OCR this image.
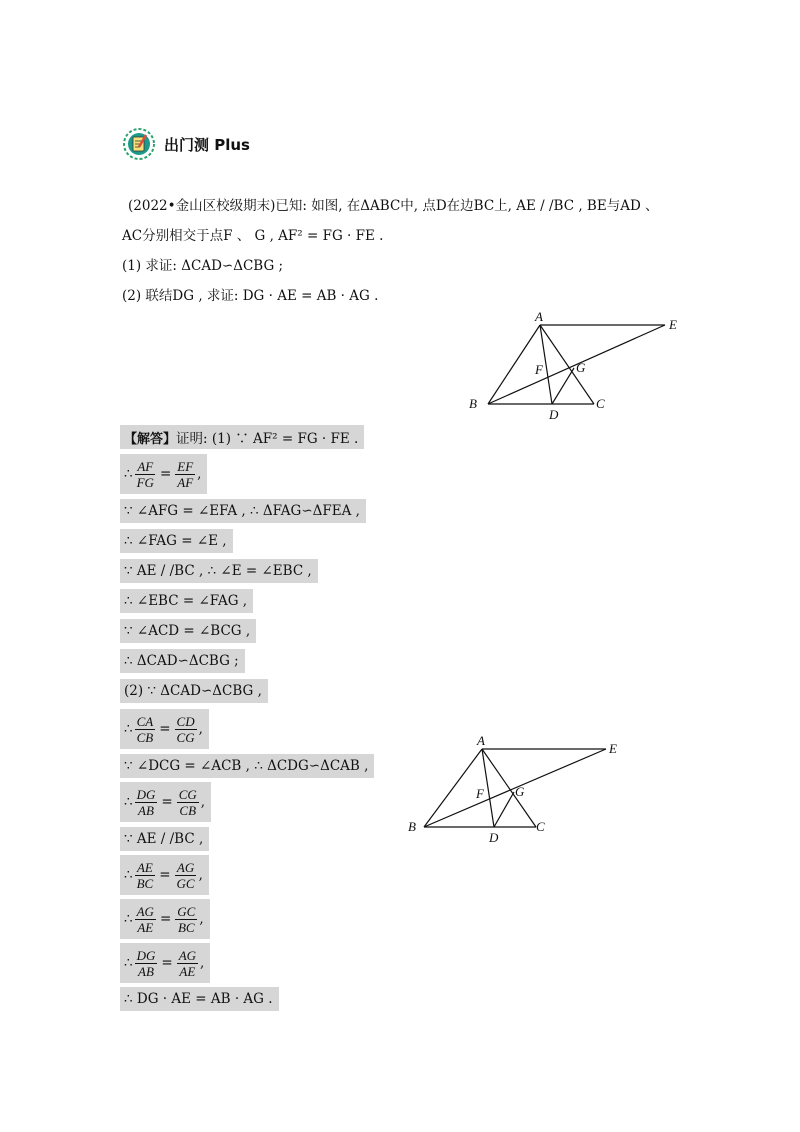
出门测 Plus
(2022•金山区校级期末)已知: 如图, 在ΔABC中, 点D在边BC上, AE / /BC , BE与AD 、
AC分别相交于点F 、 G , AF² = FG · FE .
(1) 求证: ΔCAD∽ΔCBG ;
(2) 联结DG , 求证: DG · AE = AB · AG .
A
E
F	G
B
D
C
【解答】 证明: (1) ∵ AF² = FG · FE .
∴ $\frac{AF}{FG} = \frac{EF}{AF}$ ,
∵ ∠AFG = ∠EFA , ∴ ΔFAG∽ΔFEA ,
∴ ∠FAG = ∠E ,
∵ AE / /BC , ∴ ∠E = ∠EBC ,
∴ ∠EBC = ∠FAG ,
∵ ∠ACD = ∠BCG ,
∴ ΔCAD∽ΔCBG ;
(2) ∵ ΔCAD∽ΔCBG ,
∴ $\frac{CA}{CB} = \frac{CD}{CG}$ ,
∵ ∠DCG = ∠ACB , ∴ ΔCDG∽ΔCAB ,
∴ $\frac{DG}{AB} = \frac{CG}{CB}$ ,
∵ AE / /BC ,
∴ $\frac{AE}{BC} = \frac{AG}{GC}$ ,
∴ $\frac{AG}{AE} = \frac{GC}{BC}$ ,
∴ $\frac{DG}{AB} = \frac{AG}{AE}$ ,
∴ DG · AE = AB · AG .
A
E
F G
B
D
C
